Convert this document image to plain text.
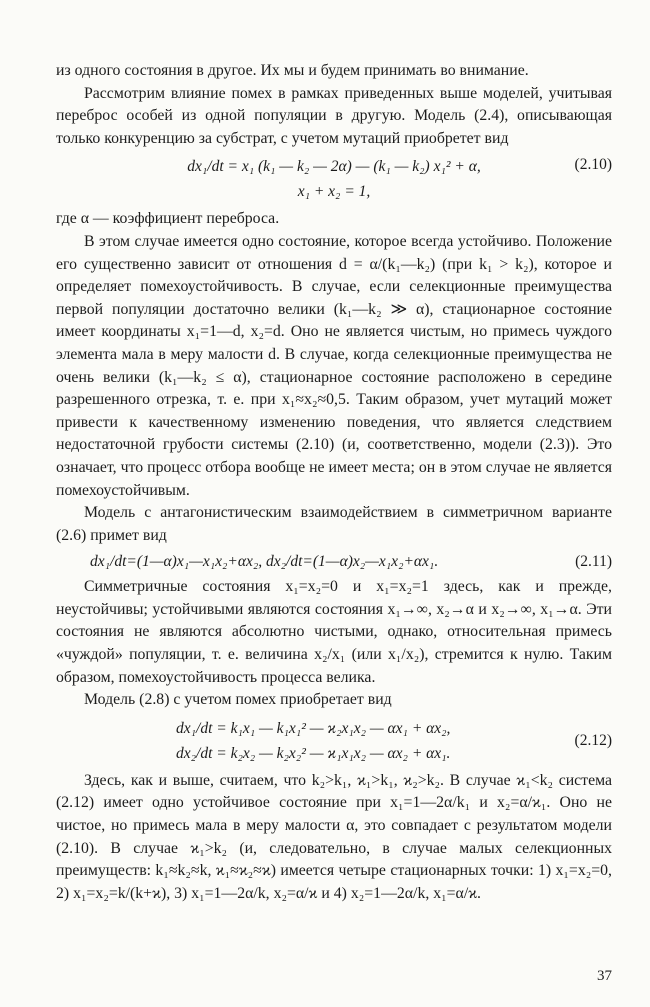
из одного состояния в другое. Их мы и будем принимать во внимание.

Рассмотрим влияние помех в рамках приведенных выше моделей, учитывая переброс особей из одной популяции в другую. Модель (2.4), описывающая только конкуренцию за субстрат, с учетом мутаций приобретет вид

dx₁/dt = x₁ (k₁ — k₂ — 2α) — (k₁ — k₂) x₁² + α,
x₁ + x₂ = 1,
(2.10)

где α — коэффициент переброса.

В этом случае имеется одно состояние, которое всегда устойчиво. Положение его существенно зависит от отношения d = α/(k₁—k₂) (при k₁ > k₂), которое и определяет помехоустойчивость. В случае, если селекционные преимущества первой популяции достаточно велики (k₁—k₂ ≫ α), стационарное состояние имеет координаты x₁=1—d, x₂=d. Оно не является чистым, но примесь чуждого элемента мала в меру малости d. В случае, когда селекционные преимущества не очень велики (k₁—k₂ ≤ α), стационарное состояние расположено в середине разрешенного отрезка, т. е. при x₁≈x₂≈0,5. Таким образом, учет мутаций может привести к качественному изменению поведения, что является следствием недостаточной грубости системы (2.10) (и, соответственно, модели (2.3)). Это означает, что процесс отбора вообще не имеет места; он в этом случае не является помехоустойчивым.

Модель с антагонистическим взаимодействием в симметричном варианте (2.6) примет вид

dx₁/dt=(1—α)x₁—x₁x₂+αx₂, dx₂/dt=(1—α)x₂—x₁x₂+αx₁.	(2.11)

Симметричные состояния x₁=x₂=0 и x₁=x₂=1 здесь, как и прежде, неустойчивы; устойчивыми являются состояния x₁→∞, x₂→α и x₂→∞, x₁→α. Эти состояния не являются абсолютно чистыми, однако, относительная примесь «чуждой» популяции, т. е. величина x₂/x₁ (или x₁/x₂), стремится к нулю. Таким образом, помехоустойчивость процесса велика.

Модель (2.8) с учетом помех приобретает вид

dx₁/dt = k₁x₁ — k₁x₁² — ϰ₂x₁x₂ — αx₁ + αx₂,
dx₂/dt = k₂x₂ — k₂x₂² — ϰ₁x₁x₂ — αx₂ + αx₁.
(2.12)

Здесь, как и выше, считаем, что k₂>k₁, ϰ₁>k₁, ϰ₂>k₂. В случае ϰ₁<k₂ система (2.12) имеет одно устойчивое состояние при x₁=1—2α/k₁ и x₂=α/ϰ₁. Оно не чистое, но примесь мала в меру малости α, это совпадает с результатом модели (2.10). В случае ϰ₁>k₂ (и, следовательно, в случае малых селекционных преимуществ: k₁≈k₂≈k, ϰ₁≈ϰ₂≈ϰ) имеется четыре стационарных точки: 1) x₁=x₂=0, 2) x₁=x₂=k/(k+ϰ), 3) x₁=1—2α/k, x₂=α/ϰ и 4) x₂=1—2α/k, x₁=α/ϰ.

37
